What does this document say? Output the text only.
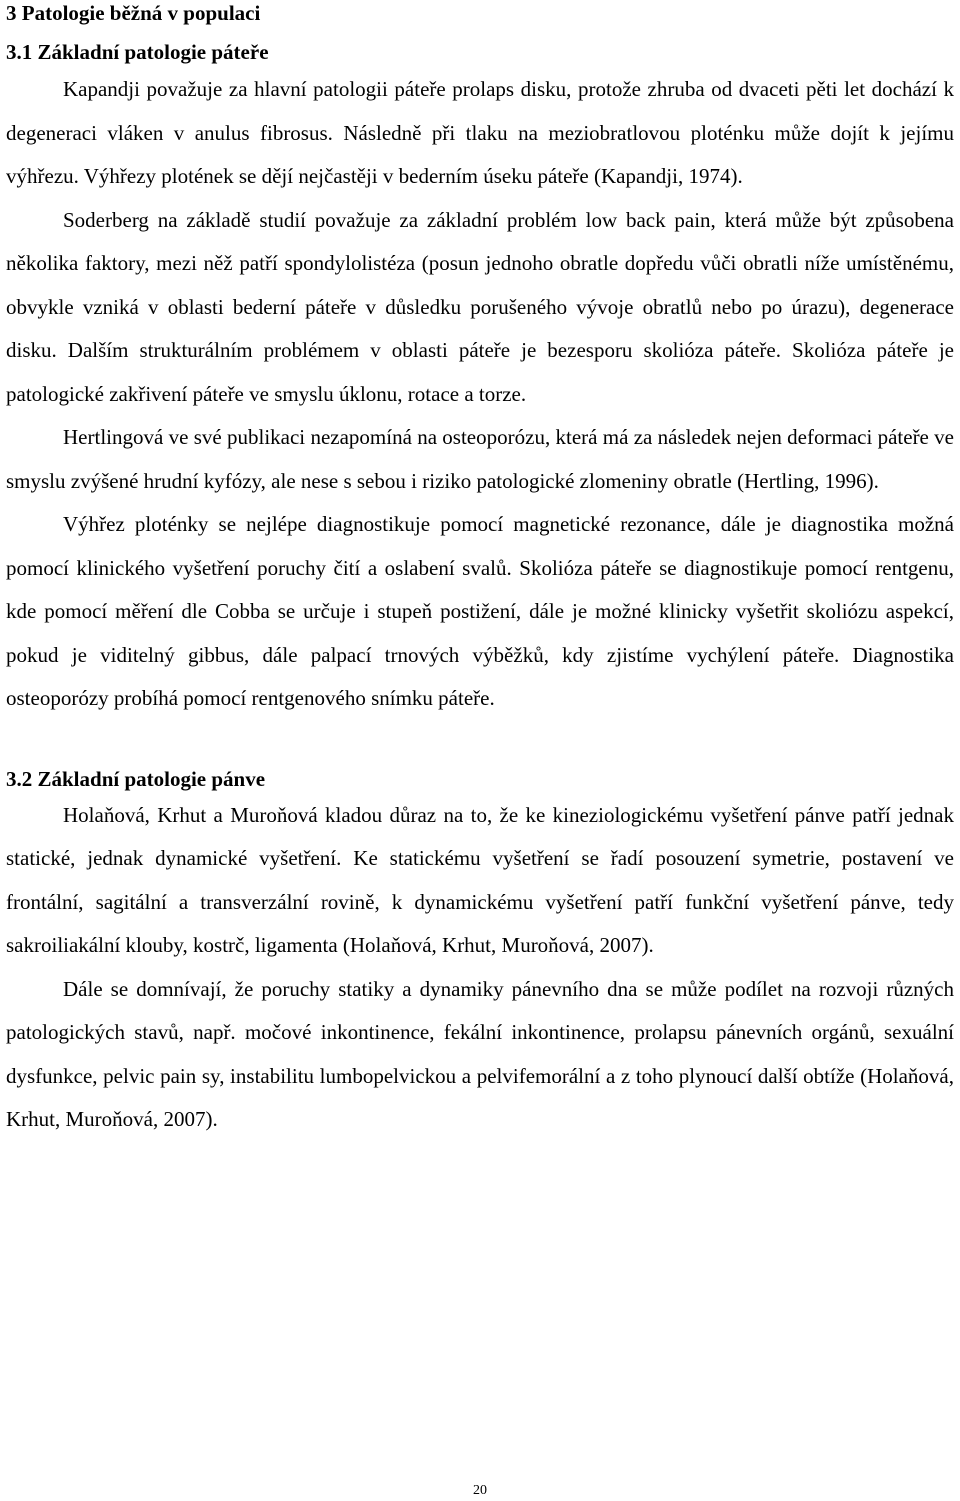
3 Patologie běžná v populaci
3.1 Základní patologie páteře

Kapandji považuje za hlavní patologii páteře prolaps disku, protože zhruba od dvaceti pěti let dochází k degeneraci vláken v anulus fibrosus. Následně při tlaku na meziobratlovou ploténku může dojít k jejímu výhřezu. Výhřezy plotének se dějí nejčastěji v bederním úseku páteře (Kapandji, 1974).

Soderberg na základě studií považuje za základní problém low back pain, která může být způsobena několika faktory, mezi něž patří spondylolistéza (posun jednoho obratle dopředu vůči obratli níže umístěnému, obvykle vzniká v oblasti bederní páteře v důsledku porušeného vývoje obratlů nebo po úrazu), degenerace disku. Dalším strukturálním problémem v oblasti páteře je bezesporu skolióza páteře. Skolióza páteře je patologické zakřivení páteře ve smyslu úklonu, rotace a torze.

Hertlingová ve své publikaci nezapomíná na osteoporózu, která má za následek nejen deformaci páteře ve smyslu zvýšené hrudní kyfózy, ale nese s sebou i riziko patologické zlomeniny obratle (Hertling, 1996).

Výhřez ploténky se nejlépe diagnostikuje pomocí magnetické rezonance, dále je diagnostika možná pomocí klinického vyšetření poruchy čití a oslabení svalů. Skolióza páteře se diagnostikuje pomocí rentgenu, kde pomocí měření dle Cobba se určuje i stupeň postižení, dále je možné klinicky vyšetřit skoliózu aspekcí, pokud je viditelný gibbus, dále palpací trnových výběžků, kdy zjistíme vychýlení páteře. Diagnostika osteoporózy probíhá pomocí rentgenového snímku páteře.

3.2 Základní patologie pánve

Holaňová, Krhut a Muroňová kladou důraz na to, že ke kineziologickému vyšetření pánve patří jednak statické, jednak dynamické vyšetření. Ke statickému vyšetření se řadí posouzení symetrie, postavení ve frontální, sagitální a transverzální rovině, k dynamickému vyšetření patří funkční vyšetření pánve, tedy sakroiliakální klouby, kostrč, ligamenta (Holaňová, Krhut, Muroňová, 2007).

Dále se domnívají, že poruchy statiky a dynamiky pánevního dna se může podílet na rozvoji různých patologických stavů, např. močové inkontinence, fekální inkontinence, prolapsu pánevních orgánů, sexuální dysfunkce, pelvic pain sy, instabilitu lumbopelvickou a pelvifemorální a z toho plynoucí další obtíže (Holaňová, Krhut, Muroňová, 2007).

20
